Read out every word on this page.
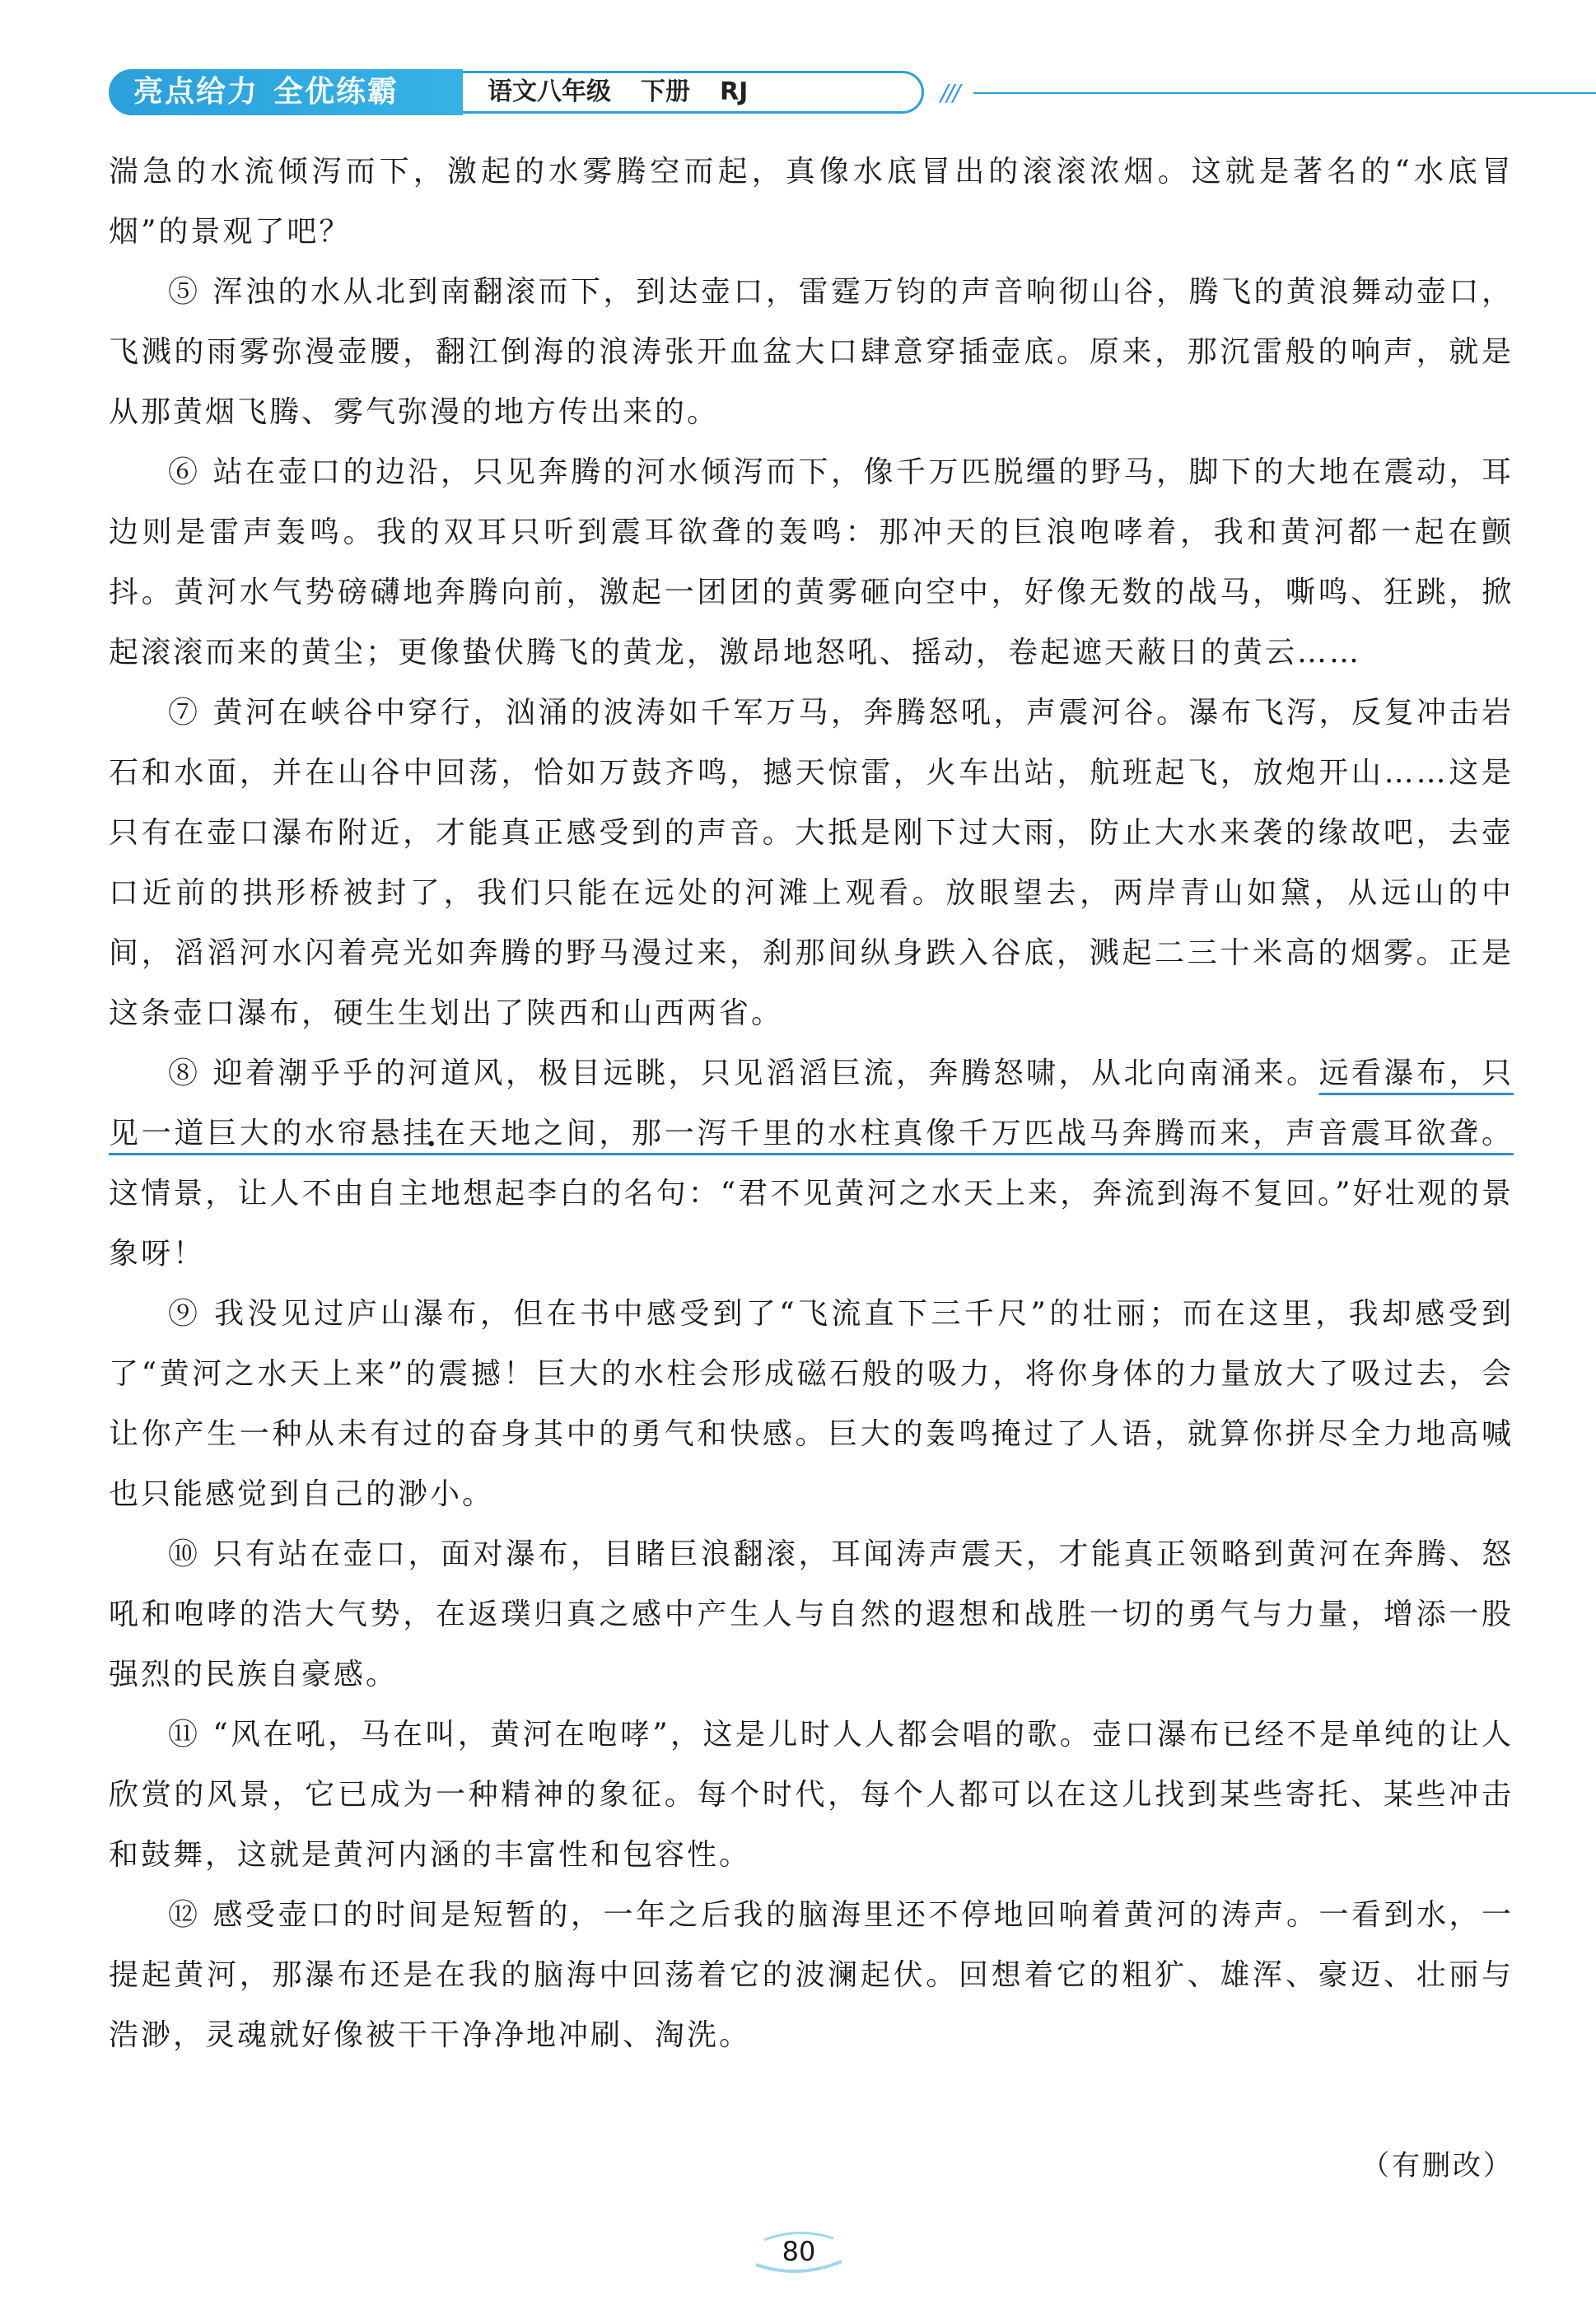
亮点给力 全优练霸	语文八年级 下册 RJ	///

湍急的水流倾泻而下，激起的水雾腾空而起，真像水底冒出的滚滚浓烟。这就是著名的“水底冒烟”的景观了吧？

⑤ 浑浊的水从北到南翻滚而下，到达壶口，雷霆万钧的声音响彻山谷，腾飞的黄浪舞动壶口，飞溅的雨雾弥漫壶腰，翻江倒海的浪涛张开血盆大口肆意穿插壶底。原来，那沉雷般的响声，就是从那黄烟飞腾、雾气弥漫的地方传出来的。

⑥ 站在壶口的边沿，只见奔腾的河水倾泻而下，像千万匹脱缰的野马，脚下的大地在震动，耳边则是雷声轰鸣。我的双耳只听到震耳欲聋的轰鸣：那冲天的巨浪咆哮着，我和黄河都一起在颤抖。黄河水气势磅礴地奔腾向前，激起一团团的黄雾砸向空中，好像无数的战马，嘶鸣、狂跳，掀起滚滚而来的黄尘；更像蛰伏腾飞的黄龙，激昂地怒吼、摇动，卷起遮天蔽日的黄云……

⑦ 黄河在峡谷中穿行，汹涌的波涛如千军万马，奔腾怒吼，声震河谷。瀑布飞泻，反复冲击岩石和水面，并在山谷中回荡，恰如万鼓齐鸣，撼天惊雷，火车出站，航班起飞，放炮开山……这是只有在壶口瀑布附近，才能真正感受到的声音。大抵是刚下过大雨，防止大水来袭的缘故吧，去壶口近前的拱形桥被封了，我们只能在远处的河滩上观看。放眼望去，两岸青山如黛，从远山的中间，滔滔河水闪着亮光如奔腾的野马漫过来，刹那间纵身跌入谷底，溅起二三十米高的烟雾。正是这条壶口瀑布，硬生生划出了陕西和山西两省。

⑧ 迎着潮乎乎的河道风，极目远眺，只见滔滔巨流，奔腾怒啸，从北向南涌来。远看瀑布，只见一道巨大的水帘悬挂在天地之间，那一泻千里的水柱真像千万匹战马奔腾而来，声音震耳欲聋。这情景，让人不由自主地想起李白的名句：“君不见黄河之水天上来，奔流到海不复回。”好壮观的景象呀！

⑨ 我没见过庐山瀑布，但在书中感受到了“飞流直下三千尺”的壮丽；而在这里，我却感受到了“黄河之水天上来”的震撼！巨大的水柱会形成磁石般的吸力，将你身体的力量放大了吸过去，会让你产生一种从未有过的奋身其中的勇气和快感。巨大的轰鸣掩过了人语，就算你拼尽全力地高喊也只能感觉到自己的渺小。

⑩ 只有站在壶口，面对瀑布，目睹巨浪翻滚，耳闻涛声震天，才能真正领略到黄河在奔腾、怒吼和咆哮的浩大气势，在返璞归真之感中产生人与自然的遐想和战胜一切的勇气与力量，增添一股强烈的民族自豪感。

⑪ “风在吼，马在叫，黄河在咆哮”，这是儿时人人都会唱的歌。壶口瀑布已经不是单纯的让人欣赏的风景，它已成为一种精神的象征。每个时代，每个人都可以在这儿找到某些寄托、某些冲击和鼓舞，这就是黄河内涵的丰富性和包容性。

⑫ 感受壶口的时间是短暂的，一年之后我的脑海里还不停地回响着黄河的涛声。一看到水，一提起黄河，那瀑布还是在我的脑海中回荡着它的波澜起伏。回想着它的粗犷、雄浑、豪迈、壮丽与浩渺，灵魂就好像被干干净净地冲刷、淘洗。

（有删改）
80
